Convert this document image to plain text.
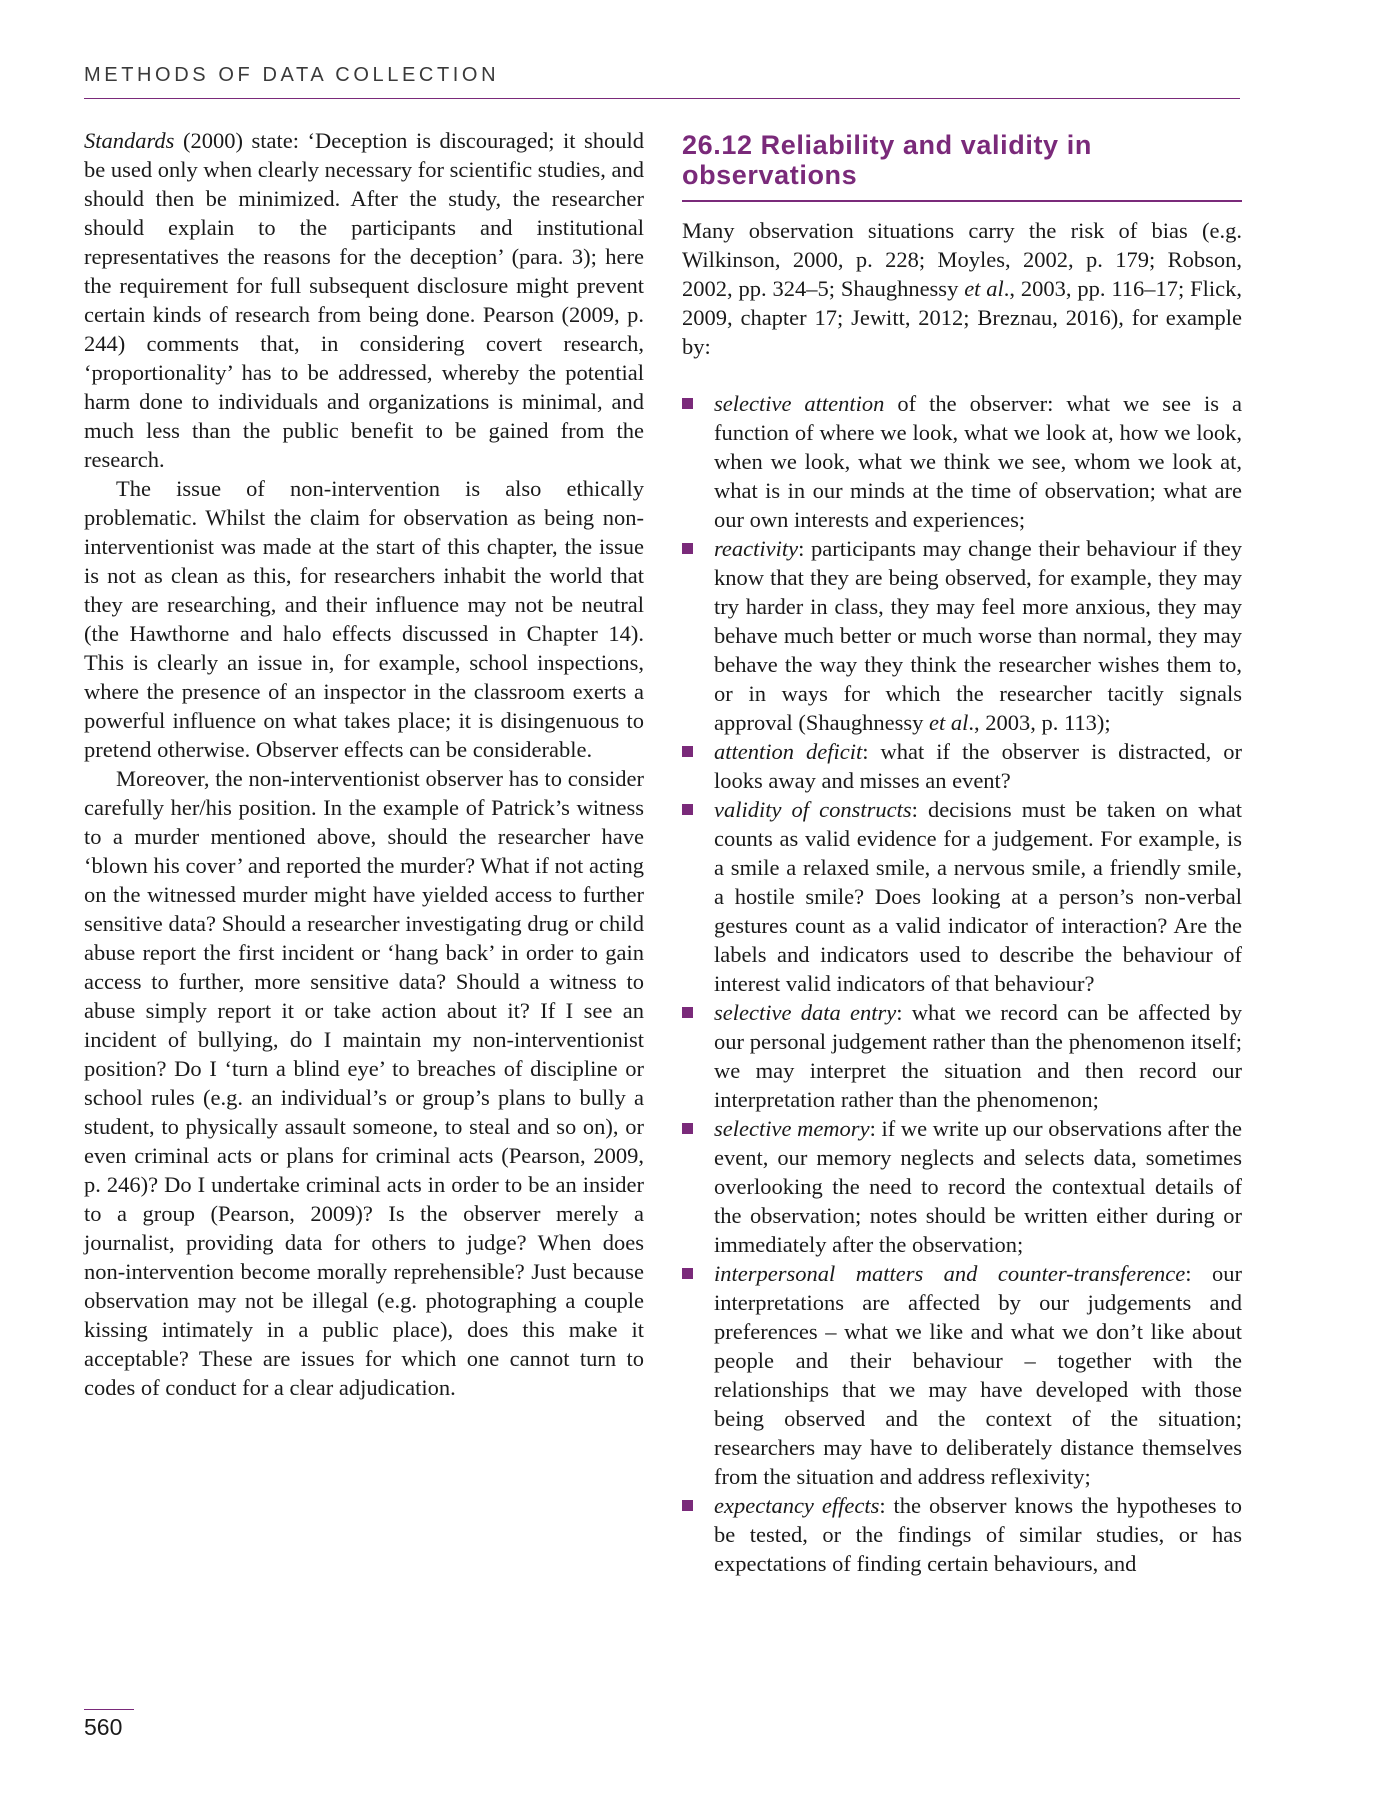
METHODS OF DATA COLLECTION

Standards (2000) state: ‘Deception is discouraged; it should be used only when clearly necessary for scientific studies, and should then be minimized. After the study, the researcher should explain to the participants and institutional representatives the reasons for the deception’ (para. 3); here the requirement for full subsequent disclosure might prevent certain kinds of research from being done. Pearson (2009, p. 244) comments that, in considering covert research, ‘proportionality’ has to be addressed, whereby the potential harm done to individuals and organizations is minimal, and much less than the public benefit to be gained from the research.

The issue of non-intervention is also ethically problematic. Whilst the claim for observation as being non-interventionist was made at the start of this chapter, the issue is not as clean as this, for researchers inhabit the world that they are researching, and their influence may not be neutral (the Hawthorne and halo effects discussed in Chapter 14). This is clearly an issue in, for example, school inspections, where the presence of an inspector in the classroom exerts a powerful influence on what takes place; it is disingenuous to pretend otherwise. Observer effects can be considerable.

Moreover, the non-interventionist observer has to consider carefully her/his position. In the example of Patrick’s witness to a murder mentioned above, should the researcher have ‘blown his cover’ and reported the murder? What if not acting on the witnessed murder might have yielded access to further sensitive data? Should a researcher investigating drug or child abuse report the first incident or ‘hang back’ in order to gain access to further, more sensitive data? Should a witness to abuse simply report it or take action about it? If I see an incident of bullying, do I maintain my non-interventionist position? Do I ‘turn a blind eye’ to breaches of discipline or school rules (e.g. an individual’s or group’s plans to bully a student, to physically assault someone, to steal and so on), or even criminal acts or plans for criminal acts (Pearson, 2009, p. 246)? Do I undertake criminal acts in order to be an insider to a group (Pearson, 2009)? Is the observer merely a journalist, providing data for others to judge? When does non-intervention become morally reprehensible? Just because observation may not be illegal (e.g. photographing a couple kissing intimately in a public place), does this make it acceptable? These are issues for which one cannot turn to codes of conduct for a clear adjudication.

26.12 Reliability and validity in observations

Many observation situations carry the risk of bias (e.g. Wilkinson, 2000, p. 228; Moyles, 2002, p. 179; Robson, 2002, pp. 324–5; Shaughnessy et al., 2003, pp. 116–17; Flick, 2009, chapter 17; Jewitt, 2012; Breznau, 2016), for example by:

selective attention of the observer: what we see is a function of where we look, what we look at, how we look, when we look, what we think we see, whom we look at, what is in our minds at the time of observation; what are our own interests and experiences;
reactivity: participants may change their behaviour if they know that they are being observed, for example, they may try harder in class, they may feel more anxious, they may behave much better or much worse than normal, they may behave the way they think the researcher wishes them to, or in ways for which the researcher tacitly signals approval (Shaughnessy et al., 2003, p. 113);
attention deficit: what if the observer is distracted, or looks away and misses an event?
validity of constructs: decisions must be taken on what counts as valid evidence for a judgement. For example, is a smile a relaxed smile, a nervous smile, a friendly smile, a hostile smile? Does looking at a person’s non-verbal gestures count as a valid indicator of interaction? Are the labels and indicators used to describe the behaviour of interest valid indicators of that behaviour?
selective data entry: what we record can be affected by our personal judgement rather than the phenomenon itself; we may interpret the situation and then record our interpretation rather than the phenomenon;
selective memory: if we write up our observations after the event, our memory neglects and selects data, sometimes overlooking the need to record the contextual details of the observation; notes should be written either during or immediately after the observation;
interpersonal matters and counter-transference: our interpretations are affected by our judgements and preferences – what we like and what we don’t like about people and their behaviour – together with the relationships that we may have developed with those being observed and the context of the situation; researchers may have to deliberately distance themselves from the situation and address reflexivity;
expectancy effects: the observer knows the hypotheses to be tested, or the findings of similar studies, or has expectations of finding certain behaviours, and
560
